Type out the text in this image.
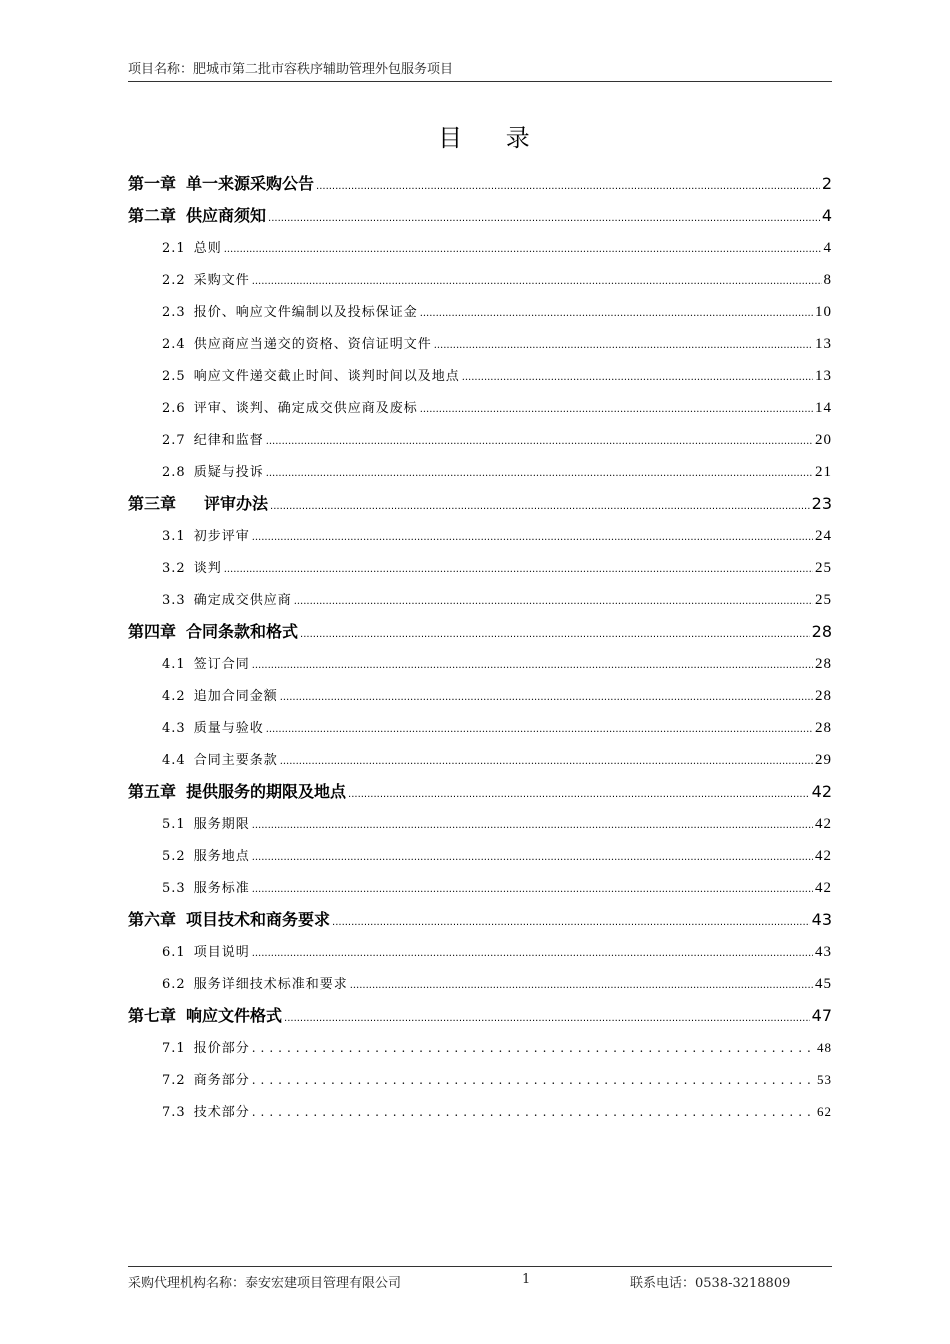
项目名称：肥城市第二批市容秩序辅助管理外包服务项目
目 录
第一章 单一来源采购公告 .....	2
第二章 供应商须知 .....	4
2.1 总则 .....	4
2.2 采购文件 .....	8
2.3 报价、响应文件编制以及投标保证金 .....	10
2.4 供应商应当递交的资格、资信证明文件 .....	13
2.5 响应文件递交截止时间、谈判时间以及地点 .....	13
2.6 评审、谈判、确定成交供应商及废标 .....	14
2.7 纪律和监督 .....	20
2.8 质疑与投诉 .....	21
第三章 评审办法 .....	23
3.1 初步评审 .....	24
3.2 谈判 .....	25
3.3 确定成交供应商 .....	25
第四章 合同条款和格式 .....	28
4.1 签订合同 .....	28
4.2 追加合同金额 .....	28
4.3 质量与验收 .....	28
4.4 合同主要条款 .....	29
第五章 提供服务的期限及地点 .....	42
5.1 服务期限 .....	42
5.2 服务地点 .....	42
5.3 服务标准 .....	42
第六章 项目技术和商务要求 .....	43
6.1 项目说明 .....	43
6.2 服务详细技术标准和要求 .....	45
第七章 响应文件格式 .....	47
7.1 报价部分 .....	48
7.2 商务部分 .....	53
7.3 技术部分 .....	62
采购代理机构名称：泰安宏建项目管理有限公司	1	联系电话：0538-3218809
